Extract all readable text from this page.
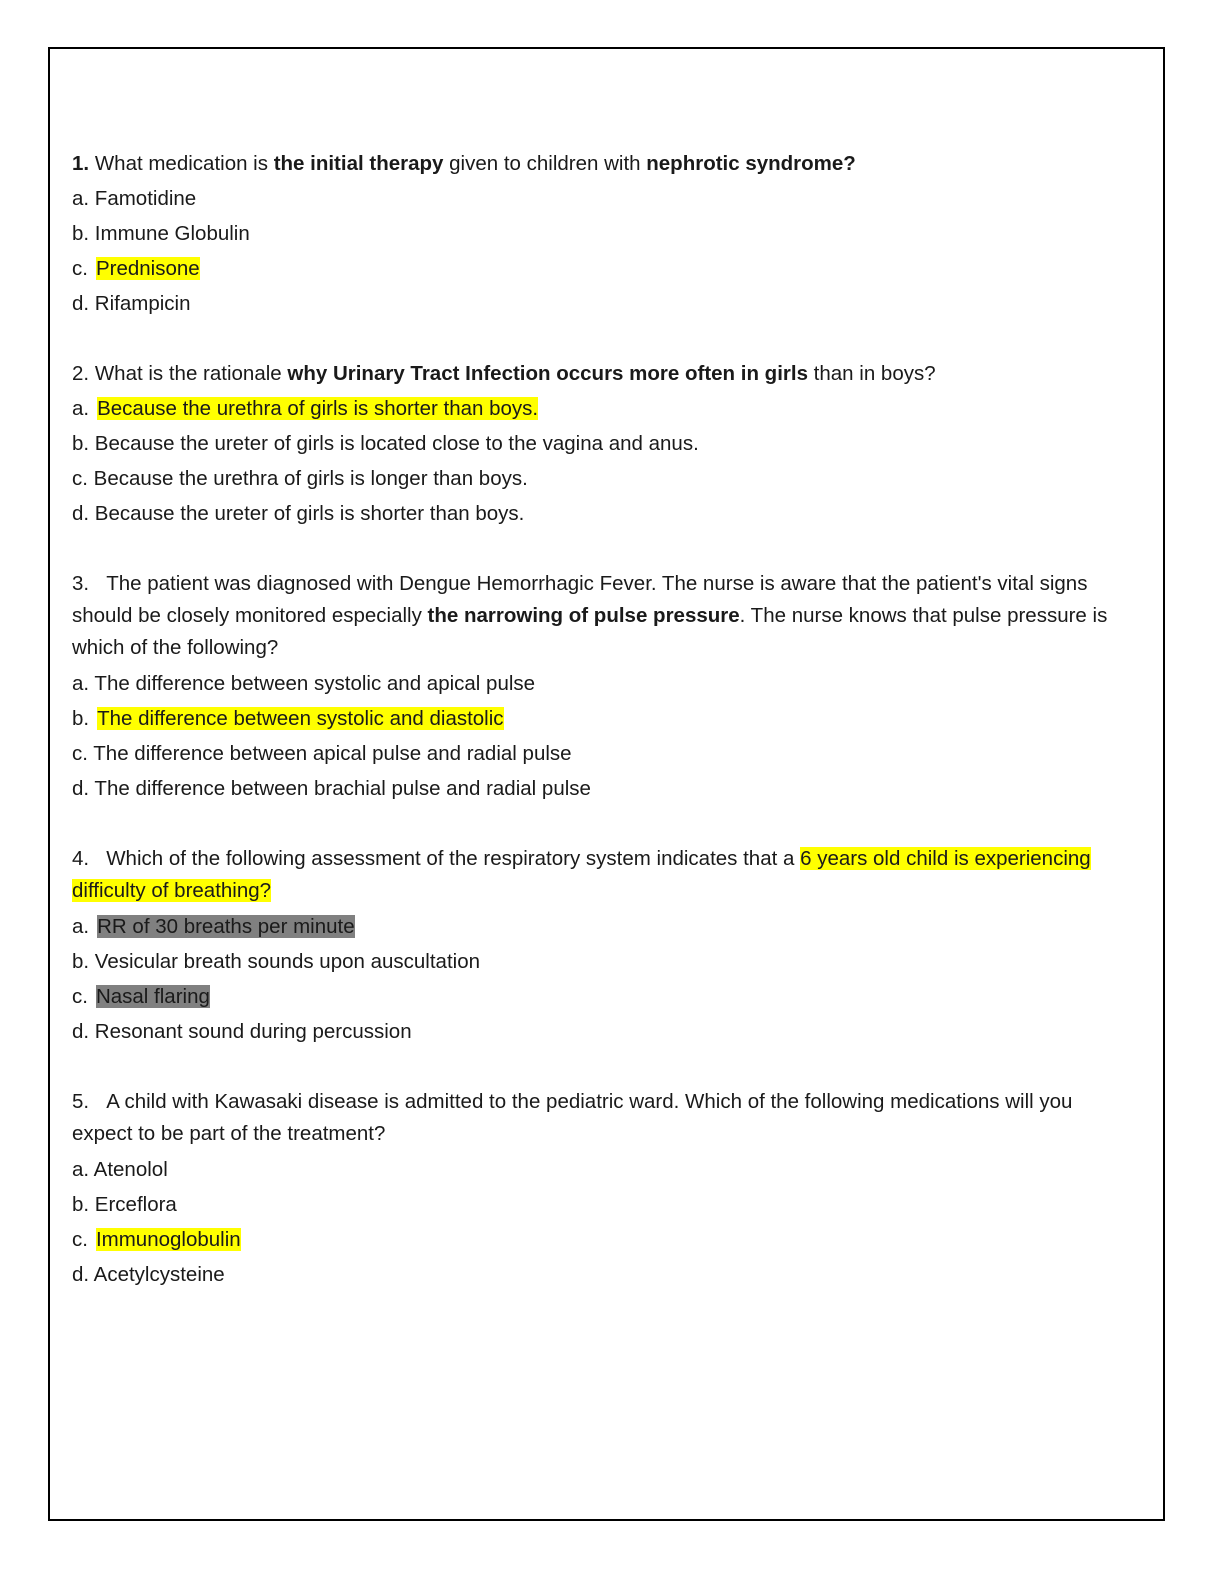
1. What medication is the initial therapy given to children with nephrotic syndrome?
a. Famotidine
b. Immune Globulin
c. Prednisone
d. Rifampicin
2. What is the rationale why Urinary Tract Infection occurs more often in girls than in boys?
a. Because the urethra of girls is shorter than boys.
b. Because the ureter of girls is located close to the vagina and anus.
c. Because the urethra of girls is longer than boys.
d. Because the ureter of girls is shorter than boys.
3. The patient was diagnosed with Dengue Hemorrhagic Fever. The nurse is aware that the patient's vital signs should be closely monitored especially the narrowing of pulse pressure. The nurse knows that pulse pressure is which of the following?
a. The difference between systolic and apical pulse
b. The difference between systolic and diastolic
c. The difference between apical pulse and radial pulse
d. The difference between brachial pulse and radial pulse
4. Which of the following assessment of the respiratory system indicates that a 6 years old child is experiencing difficulty of breathing?
a. RR of 30 breaths per minute
b. Vesicular breath sounds upon auscultation
c. Nasal flaring
d. Resonant sound during percussion
5. A child with Kawasaki disease is admitted to the pediatric ward. Which of the following medications will you expect to be part of the treatment?
a. Atenolol
b. Erceflora
c. Immunoglobulin
d. Acetylcysteine
